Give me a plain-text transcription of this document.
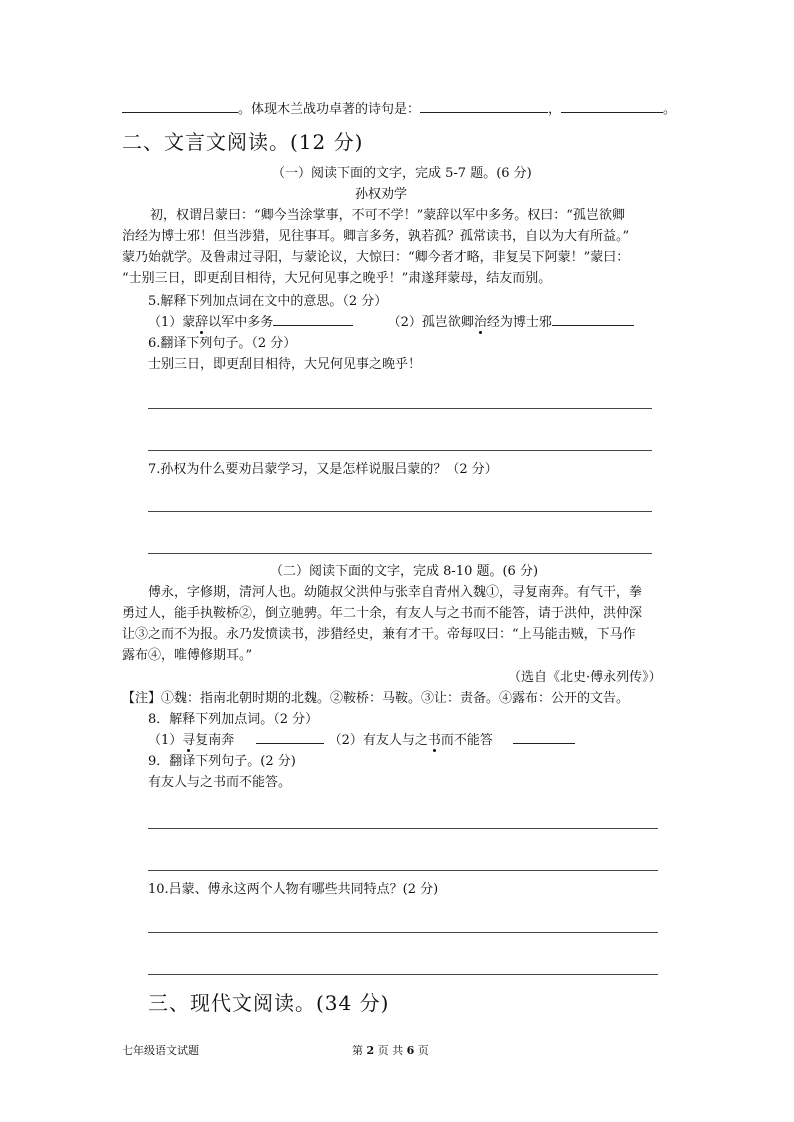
。体现木兰战功卓著的诗句是：	，	。
二、文言文阅读。(12 分)
（一）阅读下面的文字，完成 5-7 题。(6 分)
孙权劝学
初，权谓吕蒙曰：“卿今当涂掌事，不可不学！”蒙辞以军中多务。权曰：“孤岂欲卿
治经为博士邪！但当涉猎，见往事耳。卿言多务，孰若孤？孤常读书，自以为大有所益。”
蒙乃始就学。及鲁肃过寻阳，与蒙论议，大惊曰：“卿今者才略，非复吴下阿蒙！”蒙曰：
“士别三日，即更刮目相待，大兄何见事之晚乎！”肃遂拜蒙母，结友而别。
5.解释下列加点词在文中的意思。（2 分）
（1）蒙辞以军中多务	（2）孤岂欲卿治经为博士邪
6.翻译下列句子。（2 分）
士别三日，即更刮目相待，大兄何见事之晚乎！
7.孙权为什么要劝吕蒙学习，又是怎样说服吕蒙的？（2 分）
（二）阅读下面的文字，完成 8-10 题。(6 分)
傅永，字修期，清河人也。幼随叔父洪仲与张幸自青州入魏①，寻复南奔。有气干，拳
勇过人，能手执鞍桥②，倒立驰骋。年二十余，有友人与之书而不能答，请于洪仲，洪仲深
让③之而不为报。永乃发愤读书，涉猎经史，兼有才干。帝每叹曰：“上马能击贼，下马作
露布④，唯傅修期耳。”
（选自《北史·傅永列传》）
【注】①魏：指南北朝时期的北魏。②鞍桥：马鞍。③让：责备。④露布：公开的文告。
8．解释下列加点词。（2 分）
（1）寻复南奔	（2）有友人与之书而不能答
9．翻译下列句子。(2 分)
有友人与之书而不能答。
10.吕蒙、傅永这两个人物有哪些共同特点？(2 分)
三、现代文阅读。(34 分)
七年级语文试题	第 2 页 共 6 页
